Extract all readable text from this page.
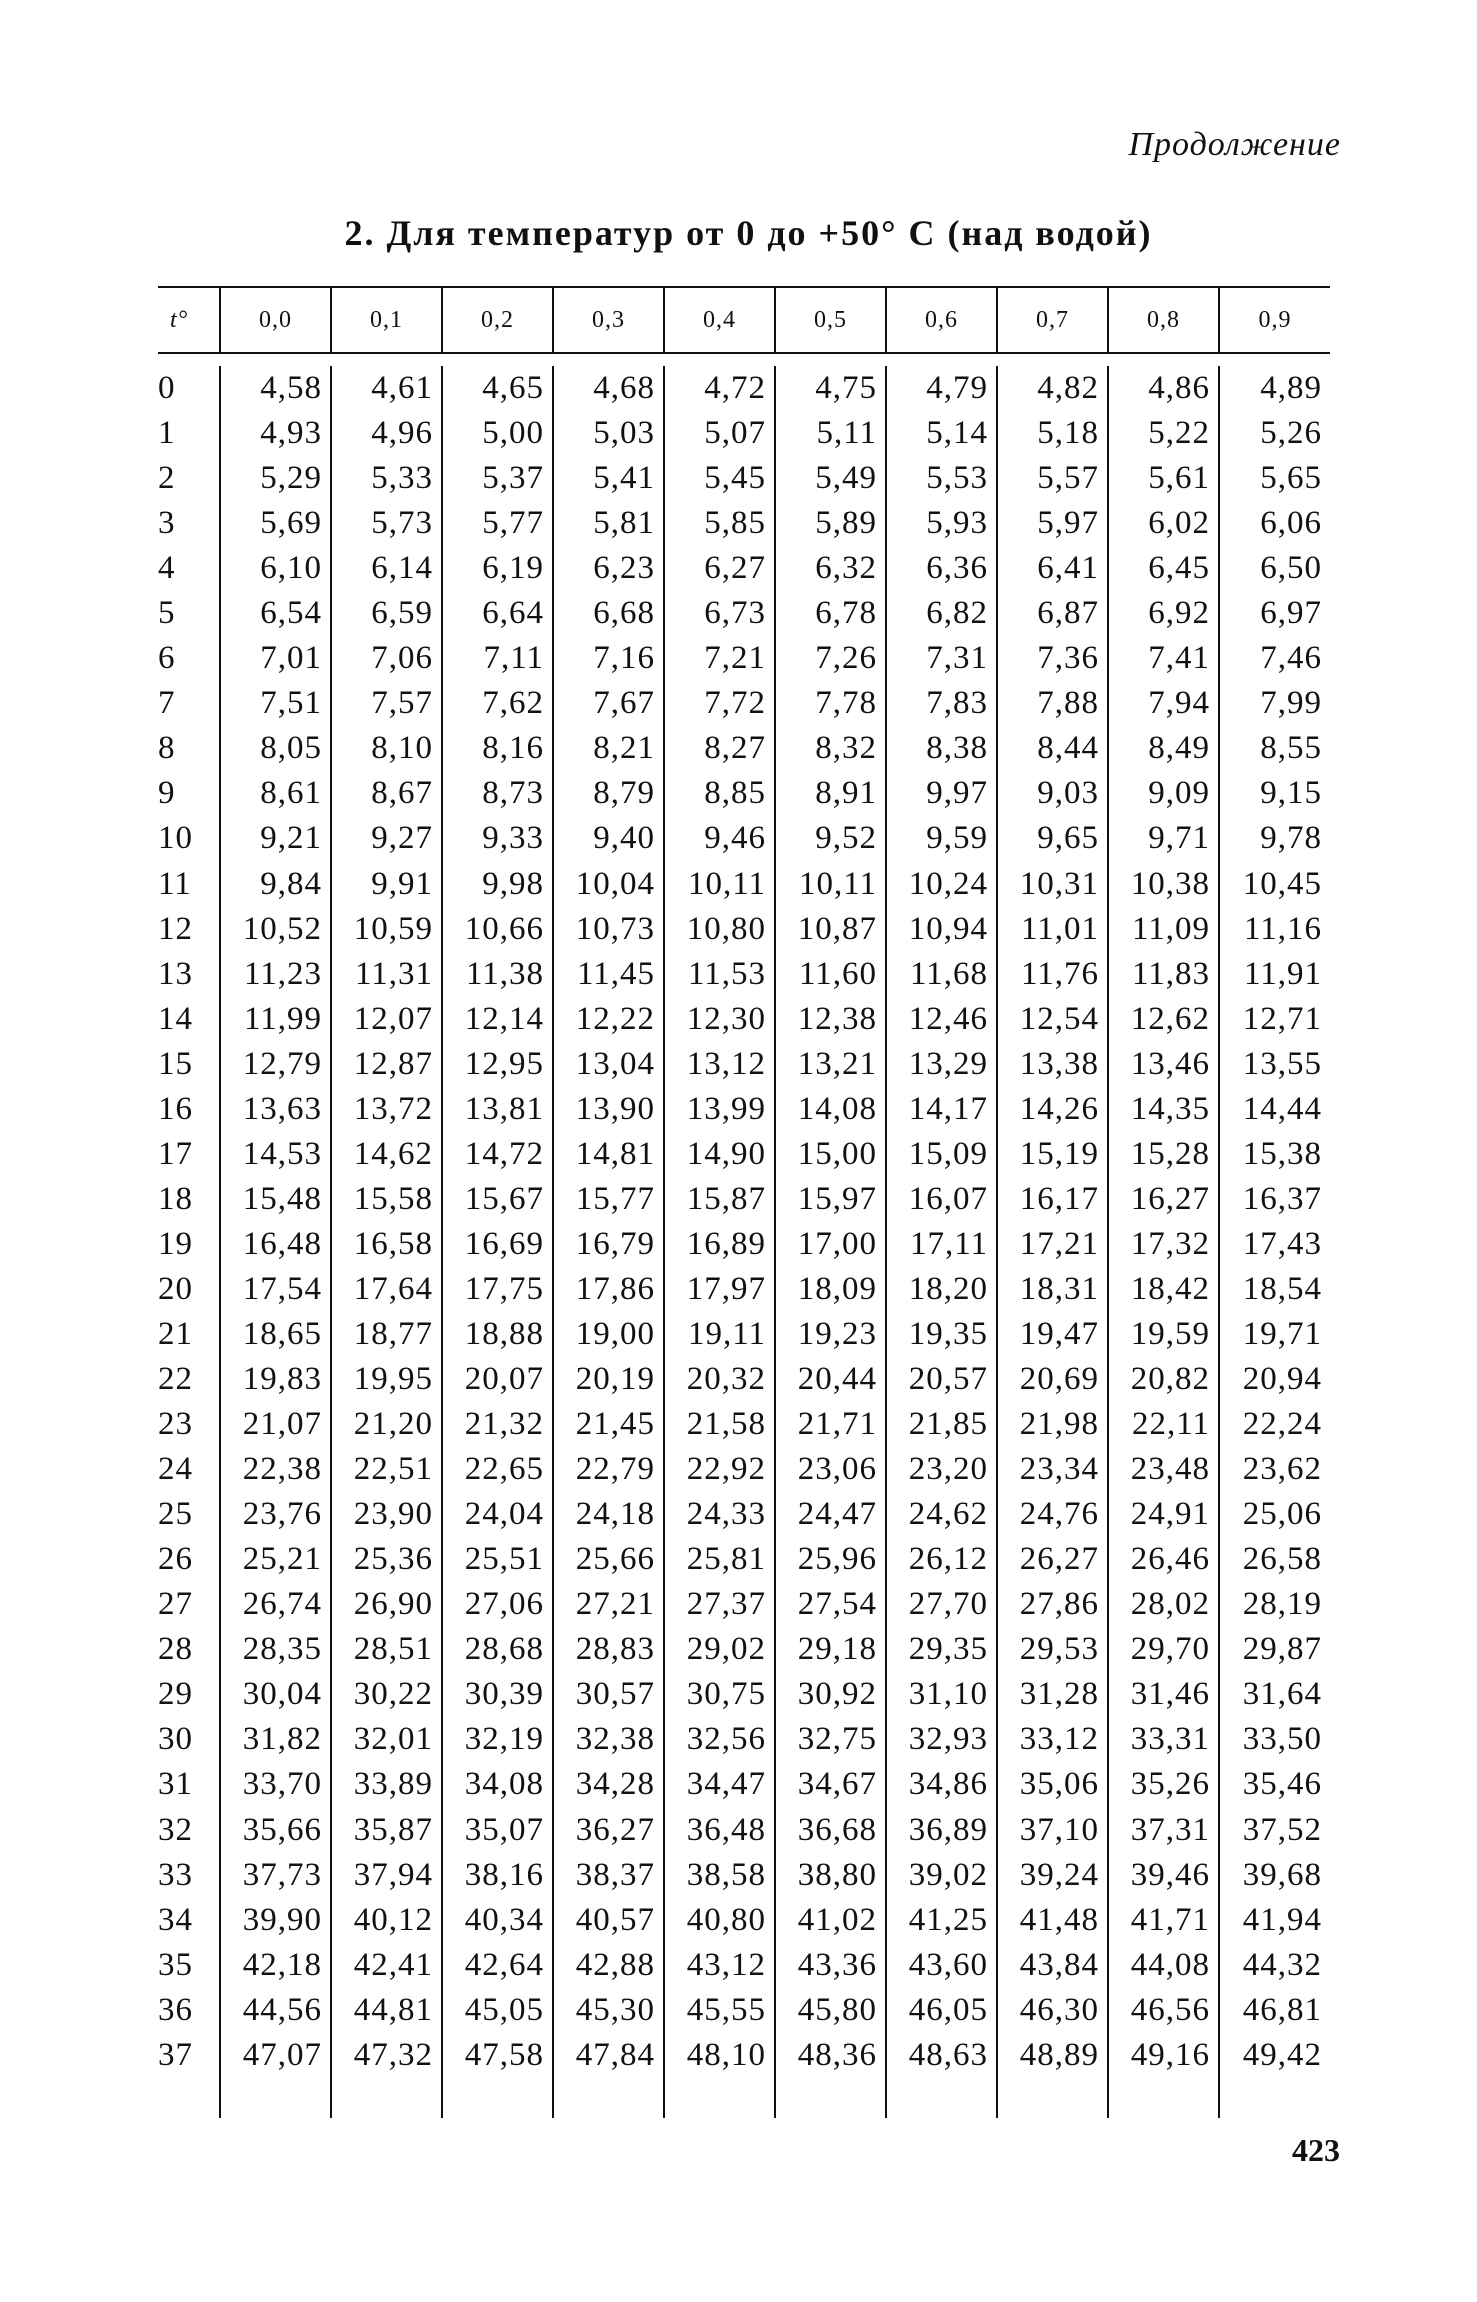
Продолжение
2. Для температур от 0 до +50° С (над водой)
t°	0,0	0,1	0,2	0,3	0,4	0,5	0,6	0,7	0,8	0,9

0	4,58	4,61	4,65	4,68	4,72	4,75	4,79	4,82	4,86	4,89
1	4,93	4,96	5,00	5,03	5,07	5,11	5,14	5,18	5,22	5,26
2	5,29	5,33	5,37	5,41	5,45	5,49	5,53	5,57	5,61	5,65
3	5,69	5,73	5,77	5,81	5,85	5,89	5,93	5,97	6,02	6,06
4	6,10	6,14	6,19	6,23	6,27	6,32	6,36	6,41	6,45	6,50
5	6,54	6,59	6,64	6,68	6,73	6,78	6,82	6,87	6,92	6,97
6	7,01	7,06	7,11	7,16	7,21	7,26	7,31	7,36	7,41	7,46
7	7,51	7,57	7,62	7,67	7,72	7,78	7,83	7,88	7,94	7,99
8	8,05	8,10	8,16	8,21	8,27	8,32	8,38	8,44	8,49	8,55
9	8,61	8,67	8,73	8,79	8,85	8,91	9,97	9,03	9,09	9,15
10	9,21	9,27	9,33	9,40	9,46	9,52	9,59	9,65	9,71	9,78
11	9,84	9,91	9,98	10,04	10,11	10,11	10,24	10,31	10,38	10,45
12	10,52	10,59	10,66	10,73	10,80	10,87	10,94	11,01	11,09	11,16
13	11,23	11,31	11,38	11,45	11,53	11,60	11,68	11,76	11,83	11,91
14	11,99	12,07	12,14	12,22	12,30	12,38	12,46	12,54	12,62	12,71
15	12,79	12,87	12,95	13,04	13,12	13,21	13,29	13,38	13,46	13,55
16	13,63	13,72	13,81	13,90	13,99	14,08	14,17	14,26	14,35	14,44
17	14,53	14,62	14,72	14,81	14,90	15,00	15,09	15,19	15,28	15,38
18	15,48	15,58	15,67	15,77	15,87	15,97	16,07	16,17	16,27	16,37
19	16,48	16,58	16,69	16,79	16,89	17,00	17,11	17,21	17,32	17,43
20	17,54	17,64	17,75	17,86	17,97	18,09	18,20	18,31	18,42	18,54
21	18,65	18,77	18,88	19,00	19,11	19,23	19,35	19,47	19,59	19,71
22	19,83	19,95	20,07	20,19	20,32	20,44	20,57	20,69	20,82	20,94
23	21,07	21,20	21,32	21,45	21,58	21,71	21,85	21,98	22,11	22,24
24	22,38	22,51	22,65	22,79	22,92	23,06	23,20	23,34	23,48	23,62
25	23,76	23,90	24,04	24,18	24,33	24,47	24,62	24,76	24,91	25,06
26	25,21	25,36	25,51	25,66	25,81	25,96	26,12	26,27	26,46	26,58
27	26,74	26,90	27,06	27,21	27,37	27,54	27,70	27,86	28,02	28,19
28	28,35	28,51	28,68	28,83	29,02	29,18	29,35	29,53	29,70	29,87
29	30,04	30,22	30,39	30,57	30,75	30,92	31,10	31,28	31,46	31,64
30	31,82	32,01	32,19	32,38	32,56	32,75	32,93	33,12	33,31	33,50
31	33,70	33,89	34,08	34,28	34,47	34,67	34,86	35,06	35,26	35,46
32	35,66	35,87	35,07	36,27	36,48	36,68	36,89	37,10	37,31	37,52
33	37,73	37,94	38,16	38,37	38,58	38,80	39,02	39,24	39,46	39,68
34	39,90	40,12	40,34	40,57	40,80	41,02	41,25	41,48	41,71	41,94
35	42,18	42,41	42,64	42,88	43,12	43,36	43,60	43,84	44,08	44,32
36	44,56	44,81	45,05	45,30	45,55	45,80	46,05	46,30	46,56	46,81
37	47,07	47,32	47,58	47,84	48,10	48,36	48,63	48,89	49,16	49,42

423
